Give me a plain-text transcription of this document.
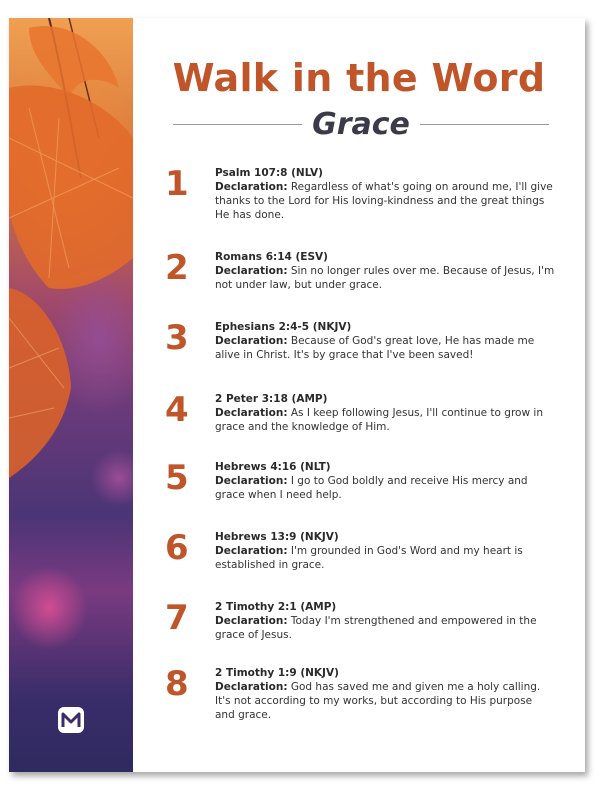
Walk in the Word
Grace
1	Psalm 107:8 (NLV)
Declaration: Regardless of what's going on around me, I'll give thanks to the Lord for His loving-kindness and the great things He has done.
2	Romans 6:14 (ESV)
Declaration: Sin no longer rules over me. Because of Jesus, I'm not under law, but under grace.
3	Ephesians 2:4-5 (NKJV)
Declaration: Because of God's great love, He has made me alive in Christ. It's by grace that I've been saved!
4	2 Peter 3:18 (AMP)
Declaration: As I keep following Jesus, I'll continue to grow in grace and the knowledge of Him.
5	Hebrews 4:16 (NLT)
Declaration: I go to God boldly and receive His mercy and grace when I need help.
6	Hebrews 13:9 (NKJV)
Declaration: I'm grounded in God's Word and my heart is established in grace.
7	2 Timothy 2:1 (AMP)
Declaration: Today I'm strengthened and empowered in the grace of Jesus.
8	2 Timothy 1:9 (NKJV)
Declaration: God has saved me and given me a holy calling. It's not according to my works, but according to His purpose and grace.
